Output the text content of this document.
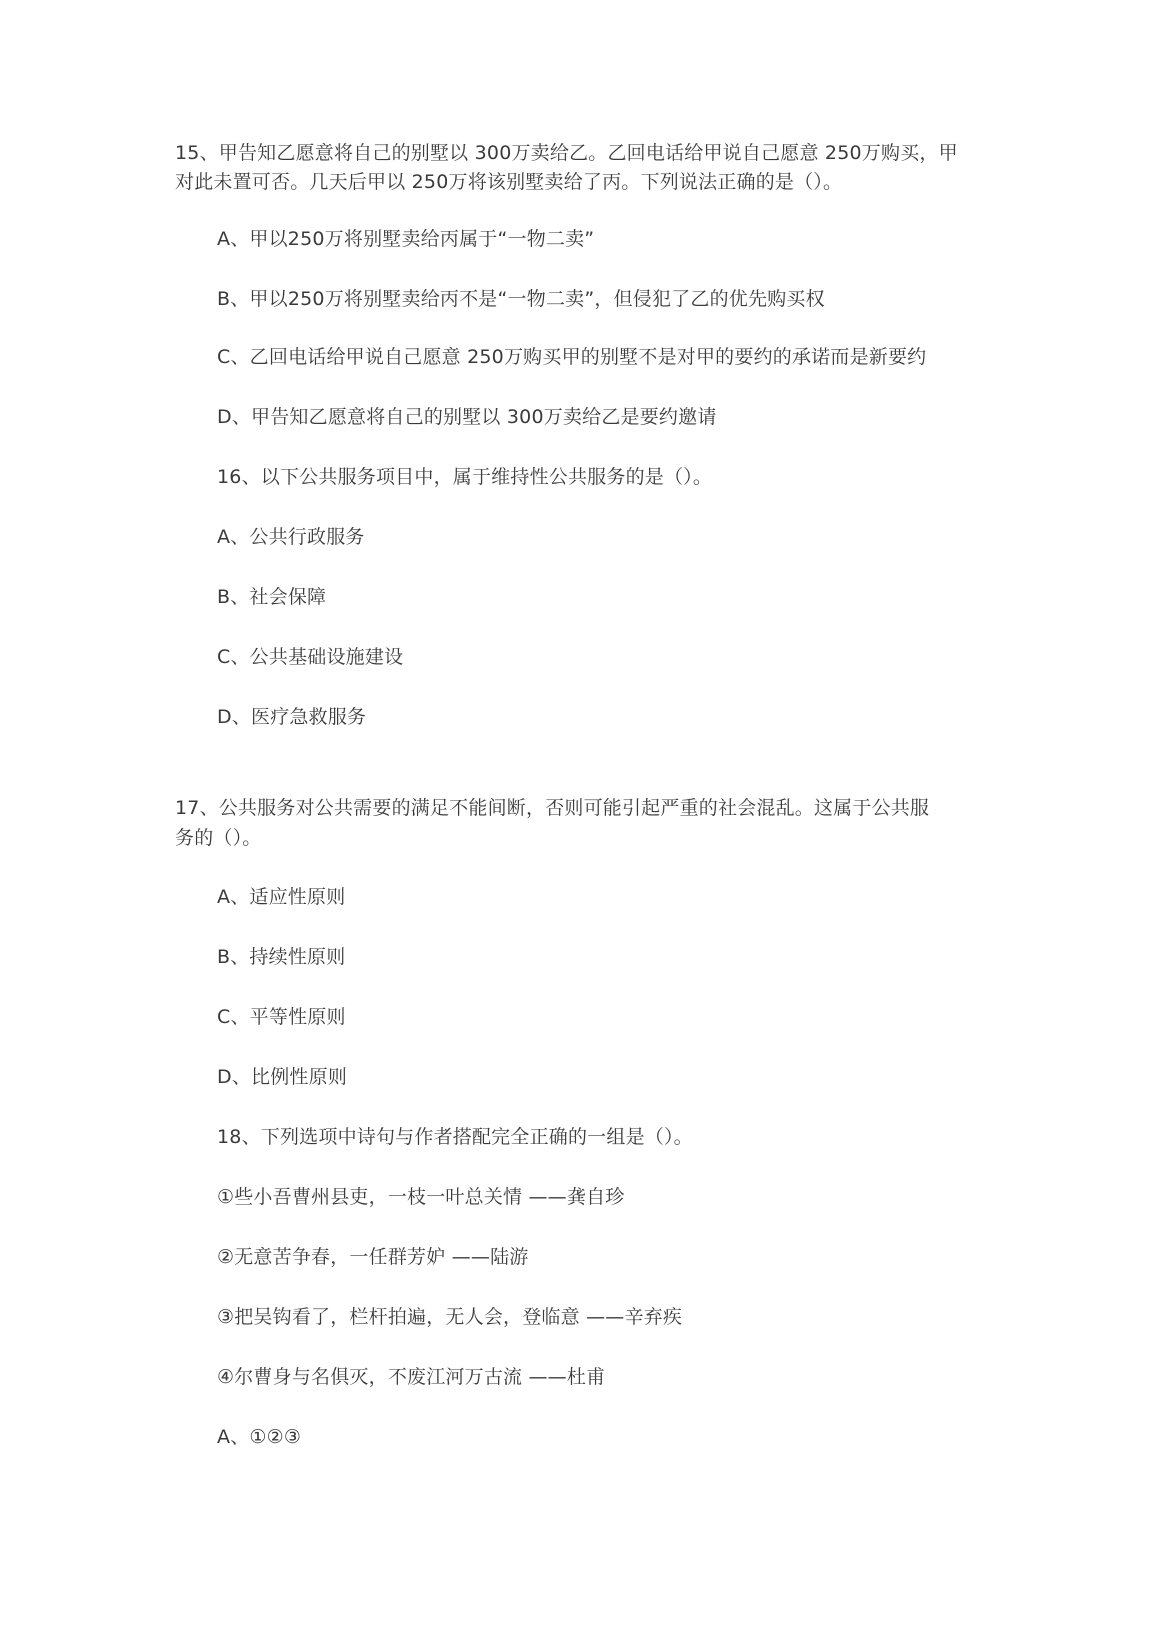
15、甲告知乙愿意将自己的别墅以 300万卖给乙。乙回电话给甲说自己愿意 250万购买，甲
对此未置可否。几天后甲以 250万将该别墅卖给了丙。下列说法正确的是（）。
A、甲以250万将别墅卖给丙属于“一物二卖”
B、甲以250万将别墅卖给丙不是“一物二卖”，但侵犯了乙的优先购买权
C、乙回电话给甲说自己愿意 250万购买甲的别墅不是对甲的要约的承诺而是新要约
D、甲告知乙愿意将自己的别墅以 300万卖给乙是要约邀请
16、以下公共服务项目中，属于维持性公共服务的是（）。
A、公共行政服务
B、社会保障
C、公共基础设施建设
D、医疗急救服务
17、公共服务对公共需要的满足不能间断，否则可能引起严重的社会混乱。这属于公共服
务的（）。
A、适应性原则
B、持续性原则
C、平等性原则
D、比例性原则
18、下列选项中诗句与作者搭配完全正确的一组是（）。
①些小吾曹州县吏，一枝一叶总关情 ——龚自珍
②无意苦争春，一任群芳妒 ——陆游
③把吴钩看了，栏杆拍遍，无人会，登临意 ——辛弃疾
④尔曹身与名俱灭，不废江河万古流 ——杜甫
A、①②③
